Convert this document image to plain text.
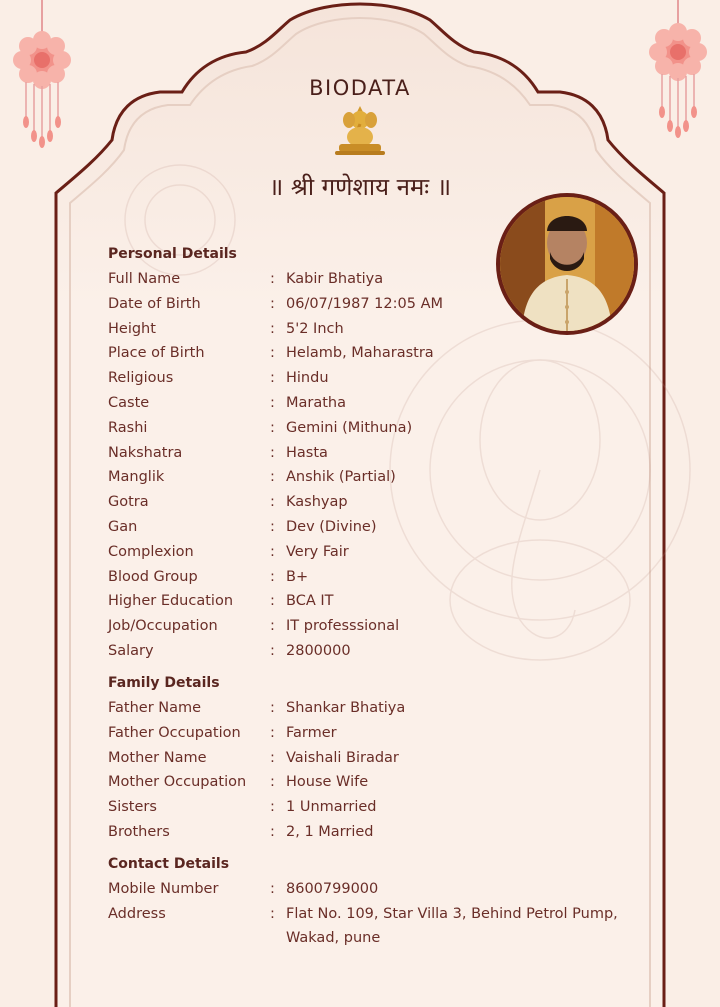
BIODATA
॥ श्री गणेशाय नमः ॥
Personal Details
Full Name	: Kabir Bhatiya
Date of Birth	: 06/07/1987 12:05 AM
Height	: 5'2 Inch
Place of Birth	: Helamb, Maharastra
Religious	: Hindu
Caste	: Maratha
Rashi	: Gemini (Mithuna)
Nakshatra	: Hasta
Manglik	: Anshik (Partial)
Gotra	: Kashyap
Gan	: Dev (Divine)
Complexion	: Very Fair
Blood Group	: B+
Higher Education	: BCA IT
Job/Occupation	: IT professsional
Salary	: 2800000
Family Details
Father Name	: Shankar Bhatiya
Father Occupation : Farmer
Mother Name	: Vaishali Biradar
Mother Occupation : House Wife
Sisters	: 1 Unmarried
Brothers	: 2, 1 Married
Contact Details
Mobile Number	: 8600799000
Address	: Flat No. 109, Star Villa 3, Behind Petrol Pump,
Wakad, pune
